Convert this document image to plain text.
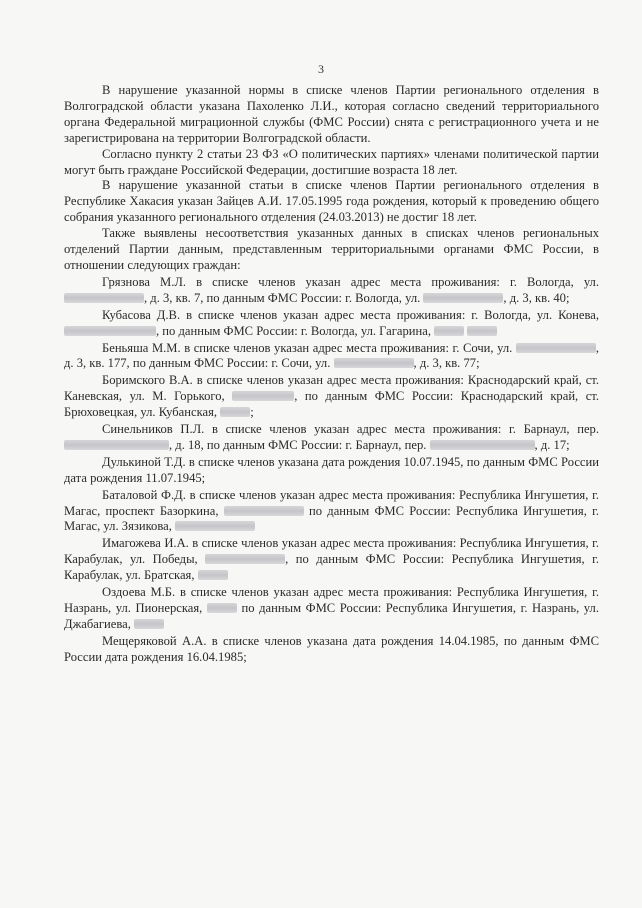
3

В нарушение указанной нормы в списке членов Партии регионального отделения в Волгоградской области указана Пахоленко Л.И., которая согласно сведений территориального органа Федеральной миграционной службы (ФМС России) снята с регистрационного учета и не зарегистрирована на территории Волгоградской области.

Согласно пункту 2 статьи 23 ФЗ «О политических партиях» членами политической партии могут быть граждане Российской Федерации, достигшие возраста 18 лет.

В нарушение указанной статьи в списке членов Партии регионального отделения в Республике Хакасия указан Зайцев А.И. 17.05.1995 года рождения, который к проведению общего собрания указанного регионального отделения (24.03.2013) не достиг 18 лет.

Также выявлены несоответствия указанных данных в списках членов региональных отделений Партии данным, представленным территориальными органами ФМС России, в отношении следующих граждан:

Грязнова М.Л. в списке членов указан адрес места проживания: г. Вологда, ул. , д. 3, кв. 7, по данным ФМС России: г. Вологда, ул.	, д. 3, кв. 40;

Кубасова Д.В. в списке членов указан адрес места проживания: г. Вологда, ул. Конева, , по данным ФМС России: г. Вологда, ул. Гагарина,

Беньяша М.М. в списке членов указан адрес места проживания: г. Сочи, ул.	, д. 3, кв. 177, по данным ФМС России: г. Сочи, ул.	, д. 3, кв. 77;

Боримского В.А. в списке членов указан адрес места проживания: Краснодарский край, ст. Каневская, ул. М. Горького,	, по данным ФМС России: Краснодарский край, ст. Брюховецкая, ул. Кубанская,	;

Синельников П.Л. в списке членов указан адрес места проживания: г. Барнаул, пер. , д. 18, по данным ФМС России: г. Барнаул, пер.	, д. 17;

Дулькиной Т.Д. в списке членов указана дата рождения 10.07.1945, по данным ФМС России дата рождения 11.07.1945;

Баталовой Ф.Д. в списке членов указан адрес места проживания: Республика Ингушетия, г. Магас, проспект Базоркина,	по данным ФМС России: Республика Ингушетия, г. Магас, ул. Зязикова,

Имагожева И.А. в списке членов указан адрес места проживания: Республика Ингушетия, г. Карабулак, ул. Победы,	, по данным ФМС России: Республика Ингушетия, г. Карабулак, ул. Братская,

Оздоева М.Б. в списке членов указан адрес места проживания: Республика Ингушетия, г. Назрань, ул. Пионерская,	по данным ФМС России: Республика Ингушетия, г. Назрань, ул. Джабагиева,

Мещеряковой А.А. в списке членов указана дата рождения 14.04.1985, по данным ФМС России дата рождения 16.04.1985;
